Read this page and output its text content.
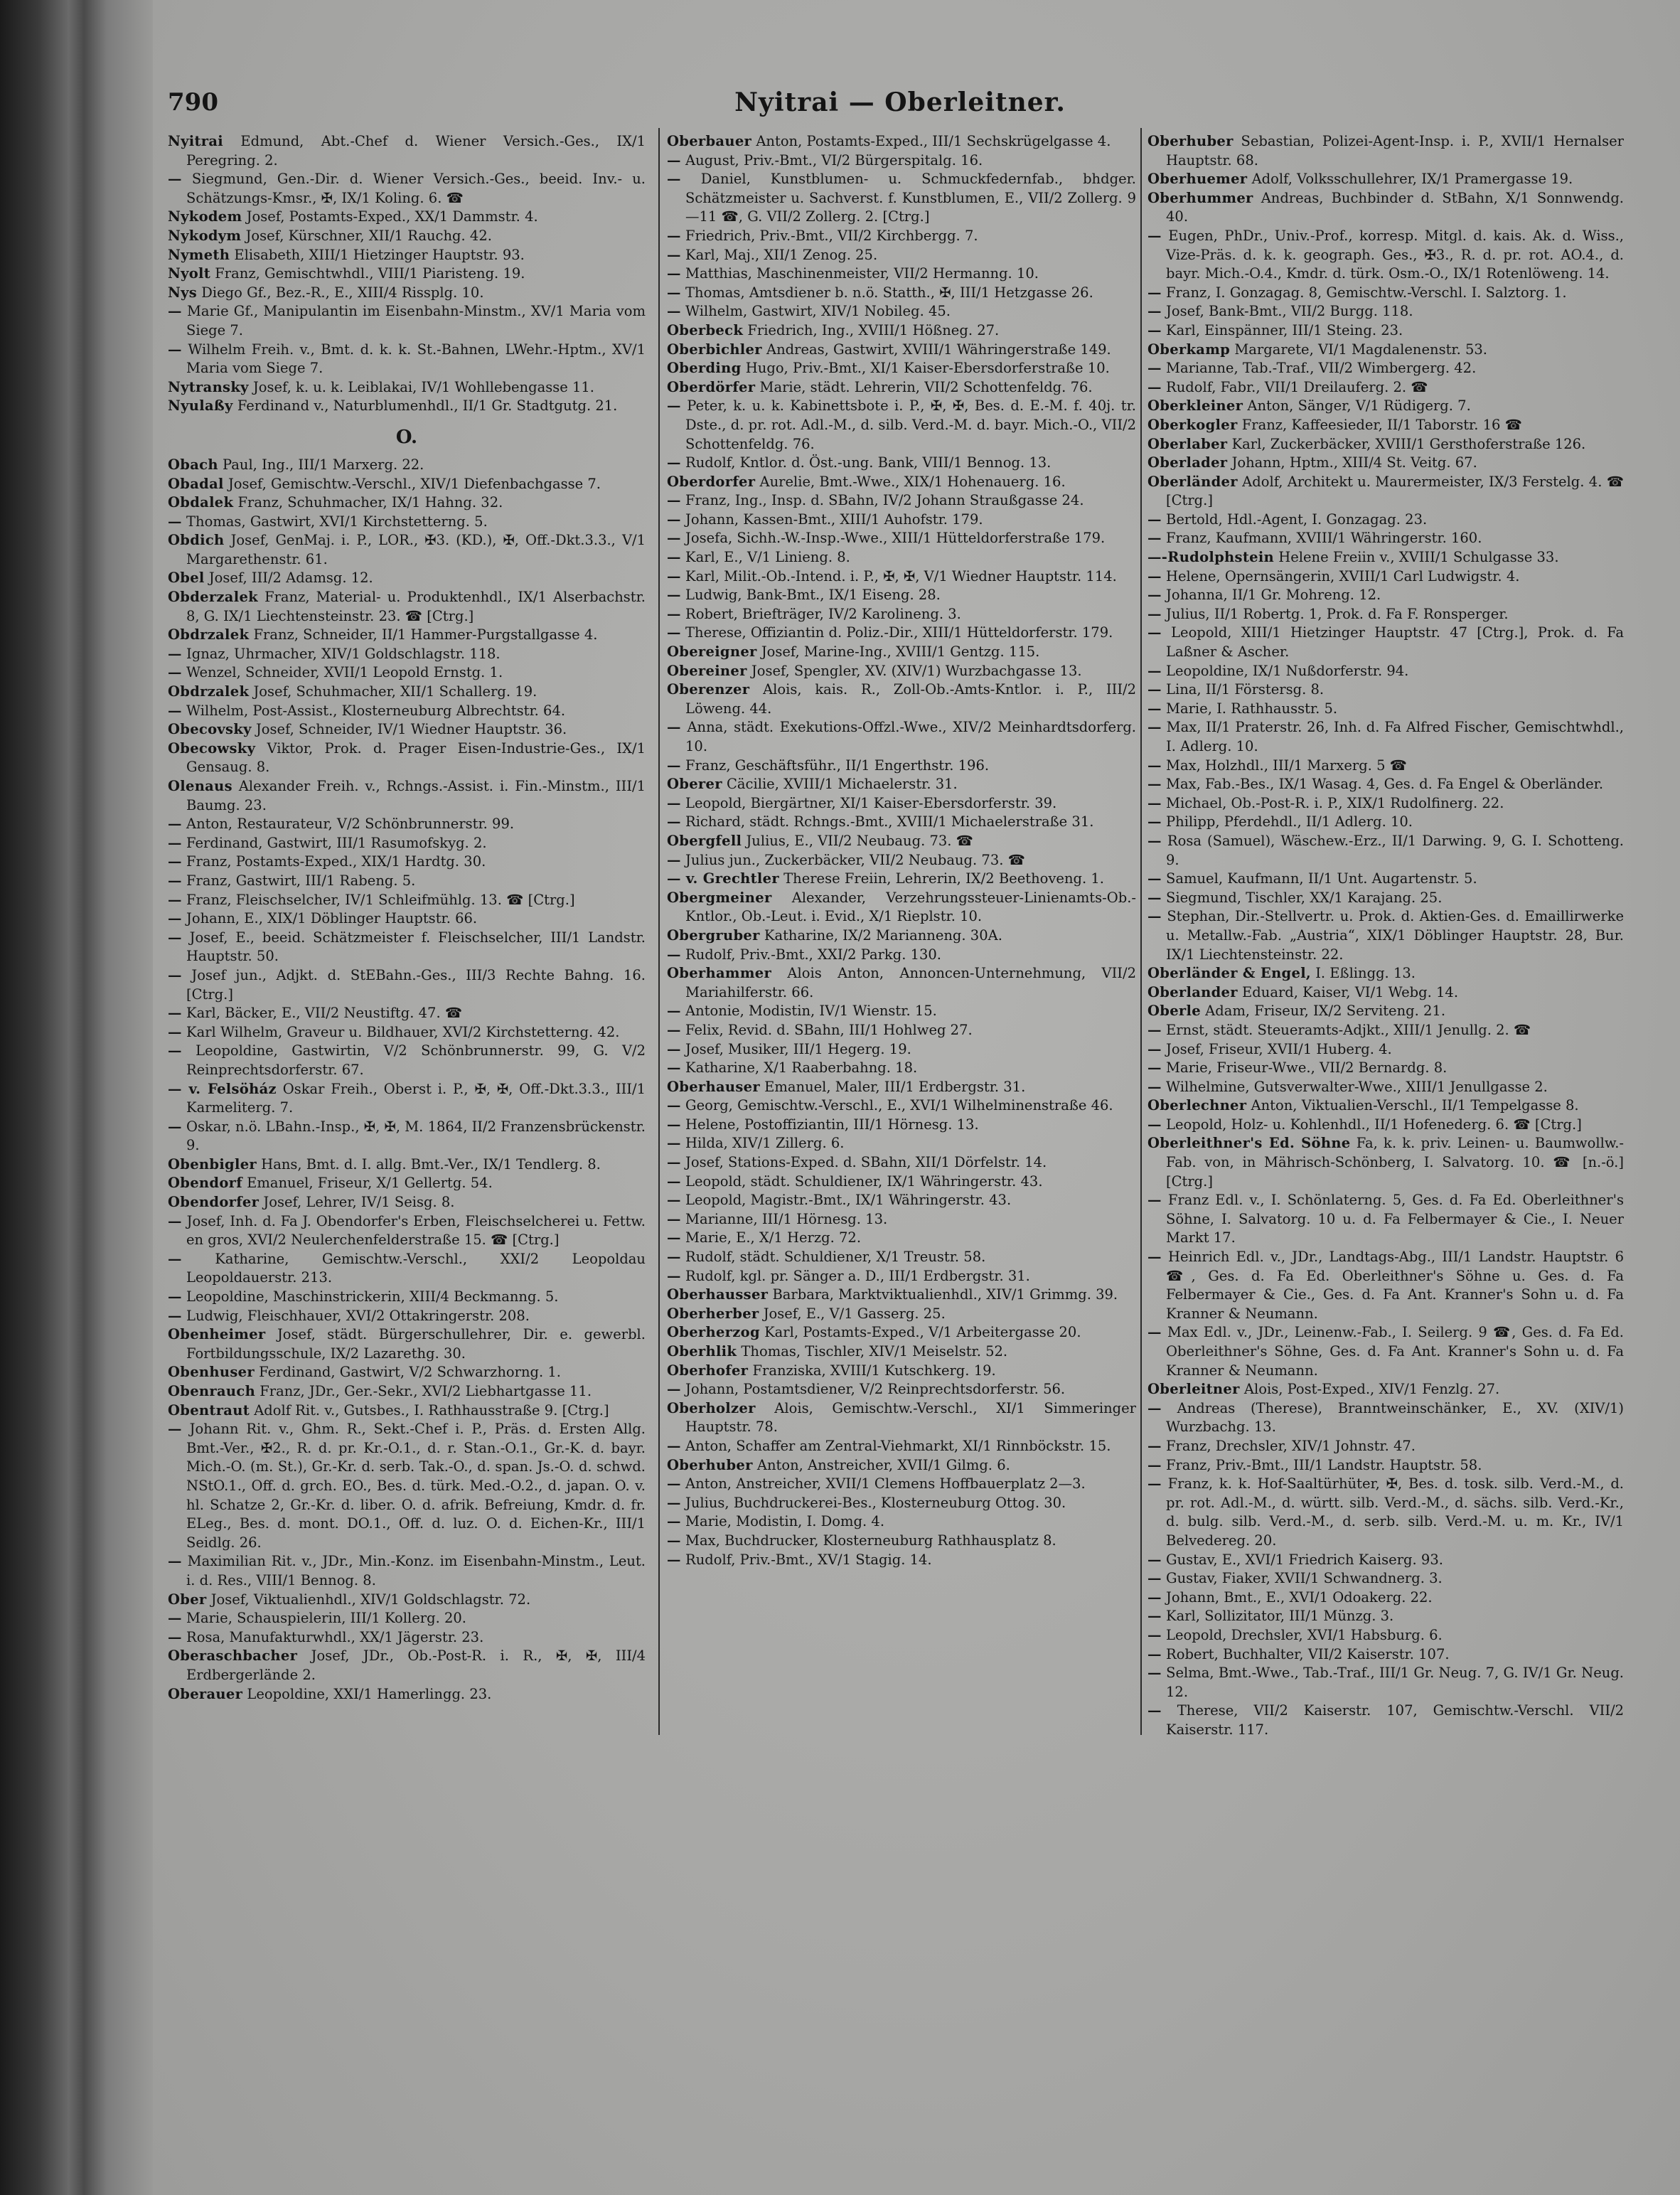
790	Nyitrai — Oberleitner.

Nyitrai Edmund, Abt.-Chef d. Wiener Versich.-Ges., IX/1 Peregring. 2.

— Siegmund, Gen.-Dir. d. Wiener Versich.-Ges., beeid. Inv.- u. Schätzungs-Kmsr., ✠, IX/1 Koling. 6. ☎

Nykodem Josef, Postamts-Exped., XX/1 Dammstr. 4.

Nykodym Josef, Kürschner, XII/1 Rauchg. 42.

Nymeth Elisabeth, XIII/1 Hietzinger Hauptstr. 93.

Nyolt Franz, Gemischtwhdl., VIII/1 Piaristeng. 19.

Nys Diego Gf., Bez.-R., E., XIII/4 Rissplg. 10.

— Marie Gf., Manipulantin im Eisenbahn-Minstm., XV/1 Maria vom Siege 7.

— Wilhelm Freih. v., Bmt. d. k. k. St.-Bahnen, LWehr.-Hptm., XV/1 Maria vom Siege 7.

Nytransky Josef, k. u. k. Leiblakai, IV/1 Wohllebengasse 11.

Nyulaßy Ferdinand v., Naturblumenhdl., II/1 Gr. Stadtgutg. 21.

O.

Obach Paul, Ing., III/1 Marxerg. 22.

Obadal Josef, Gemischtw.-Verschl., XIV/1 Diefenbachgasse 7.

Obdalek Franz, Schuhmacher, IX/1 Hahng. 32.

— Thomas, Gastwirt, XVI/1 Kirchstetterng. 5.

Obdich Josef, GenMaj. i. P., LOR., ✠3. (KD.), ✠, Off.-Dkt.3.3., V/1 Margarethenstr. 61.

Obel Josef, III/2 Adamsg. 12.

Obderzalek Franz, Material- u. Produktenhdl., IX/1 Alserbachstr. 8, G. IX/1 Liechtensteinstr. 23. ☎ [Ctrg.]

Obdrzalek Franz, Schneider, II/1 Hammer-Purgstallgasse 4.

— Ignaz, Uhrmacher, XIV/1 Goldschlagstr. 118.

— Wenzel, Schneider, XVII/1 Leopold Ernstg. 1.

Obdrzalek Josef, Schuhmacher, XII/1 Schallerg. 19.

— Wilhelm, Post-Assist., Klosterneuburg Albrechtstr. 64.

Obecovsky Josef, Schneider, IV/1 Wiedner Hauptstr. 36.

Obecowsky Viktor, Prok. d. Prager Eisen-Industrie-Ges., IX/1 Gensaug. 8.

Olenaus Alexander Freih. v., Rchngs.-Assist. i. Fin.-Minstm., III/1 Baumg. 23.

— Anton, Restaurateur, V/2 Schönbrunnerstr. 99.

— Ferdinand, Gastwirt, III/1 Rasumofskyg. 2.

— Franz, Postamts-Exped., XIX/1 Hardtg. 30.

— Franz, Gastwirt, III/1 Rabeng. 5.

— Franz, Fleischselcher, IV/1 Schleifmühlg. 13. ☎ [Ctrg.]

— Johann, E., XIX/1 Döblinger Hauptstr. 66.

— Josef, E., beeid. Schätzmeister f. Fleischselcher, III/1 Landstr. Hauptstr. 50.

— Josef jun., Adjkt. d. StEBahn.-Ges., III/3 Rechte Bahng. 16. [Ctrg.]

— Karl, Bäcker, E., VII/2 Neustiftg. 47. ☎

— Karl Wilhelm, Graveur u. Bildhauer, XVI/2 Kirchstetterng. 42.

— Leopoldine, Gastwirtin, V/2 Schönbrunnerstr. 99, G. V/2 Reinprechtsdorferstr. 67.

— v. Felsöház Oskar Freih., Oberst i. P., ✠, ✠, Off.-Dkt.3.3., III/1 Karmeliterg. 7.

— Oskar, n.ö. LBahn.-Insp., ✠, ✠, M. 1864, II/2 Franzensbrückenstr. 9.

Obenbigler Hans, Bmt. d. I. allg. Bmt.-Ver., IX/1 Tendlerg. 8.

Obendorf Emanuel, Friseur, X/1 Gellertg. 54.

Obendorfer Josef, Lehrer, IV/1 Seisg. 8.

— Josef, Inh. d. Fa J. Obendorfer's Erben, Fleischselcherei u. Fettw. en gros, XVI/2 Neulerchenfelderstraße 15. ☎ [Ctrg.]

— Katharine, Gemischtw.-Verschl., XXI/2 Leopoldau Leopoldauerstr. 213.

— Leopoldine, Maschinstrickerin, XIII/4 Beckmanng. 5.

— Ludwig, Fleischhauer, XVI/2 Ottakringerstr. 208.

Obenheimer Josef, städt. Bürgerschullehrer, Dir. e. gewerbl. Fortbildungsschule, IX/2 Lazarethg. 30.

Obenhuser Ferdinand, Gastwirt, V/2 Schwarzhorng. 1.

Obenrauch Franz, JDr., Ger.-Sekr., XVI/2 Liebhartgasse 11.

Obentraut Adolf Rit. v., Gutsbes., I. Rathhausstraße 9. [Ctrg.]

— Johann Rit. v., Ghm. R., Sekt.-Chef i. P., Präs. d. Ersten Allg. Bmt.-Ver., ✠2., R. d. pr. Kr.-O.1., d. r. Stan.-O.1., Gr.-K. d. bayr. Mich.-O. (m. St.), Gr.-Kr. d. serb. Tak.-O., d. span. Js.-O. d. schwd. NStO.1., Off. d. grch. EO., Bes. d. türk. Med.-O.2., d. japan. O. v. hl. Schatze 2, Gr.-Kr. d. liber. O. d. afrik. Befreiung, Kmdr. d. fr. ELeg., Bes. d. mont. DO.1., Off. d. luz. O. d. Eichen-Kr., III/1 Seidlg. 26.

— Maximilian Rit. v., JDr., Min.-Konz. im Eisenbahn-Minstm., Leut. i. d. Res., VIII/1 Bennog. 8.

Ober Josef, Viktualienhdl., XIV/1 Goldschlagstr. 72.

— Marie, Schauspielerin, III/1 Kollerg. 20.

— Rosa, Manufakturwhdl., XX/1 Jägerstr. 23.

Oberaschbacher Josef, JDr., Ob.-Post-R. i. R., ✠, ✠, III/4 Erdbergerlände 2.

Oberauer Leopoldine, XXI/1 Hamerlingg. 23.

Oberbauer Anton, Postamts-Exped., III/1 Sechskrügelgasse 4.

— August, Priv.-Bmt., VI/2 Bürgerspitalg. 16.

— Daniel, Kunstblumen- u. Schmuckfedernfab., bhdger. Schätzmeister u. Sachverst. f. Kunstblumen, E., VII/2 Zollerg. 9—11 ☎, G. VII/2 Zollerg. 2. [Ctrg.]

— Friedrich, Priv.-Bmt., VII/2 Kirchbergg. 7.

— Karl, Maj., XII/1 Zenog. 25.

— Matthias, Maschinenmeister, VII/2 Hermanng. 10.

— Thomas, Amtsdiener b. n.ö. Statth., ✠, III/1 Hetzgasse 26.

— Wilhelm, Gastwirt, XIV/1 Nobileg. 45.

Oberbeck Friedrich, Ing., XVIII/1 Hößneg. 27.

Oberbichler Andreas, Gastwirt, XVIII/1 Währingerstraße 149.

Oberding Hugo, Priv.-Bmt., XI/1 Kaiser-Ebersdorferstraße 10.

Oberdörfer Marie, städt. Lehrerin, VII/2 Schottenfeldg. 76.

— Peter, k. u. k. Kabinettsbote i. P., ✠, ✠, Bes. d. E.-M. f. 40j. tr. Dste., d. pr. rot. Adl.-M., d. silb. Verd.-M. d. bayr. Mich.-O., VII/2 Schottenfeldg. 76.

— Rudolf, Kntlor. d. Öst.-ung. Bank, VIII/1 Bennog. 13.

Oberdorfer Aurelie, Bmt.-Wwe., XIX/1 Hohenauerg. 16.

— Franz, Ing., Insp. d. SBahn, IV/2 Johann Straußgasse 24.

— Johann, Kassen-Bmt., XIII/1 Auhofstr. 179.

— Josefa, Sichh.-W.-Insp.-Wwe., XIII/1 Hütteldorferstraße 179.

— Karl, E., V/1 Linieng. 8.

— Karl, Milit.-Ob.-Intend. i. P., ✠, ✠, V/1 Wiedner Hauptstr. 114.

— Ludwig, Bank-Bmt., IX/1 Eiseng. 28.

— Robert, Briefträger, IV/2 Karolineng. 3.

— Therese, Offiziantin d. Poliz.-Dir., XIII/1 Hütteldorferstr. 179.

Obereigner Josef, Marine-Ing., XVIII/1 Gentzg. 115.

Obereiner Josef, Spengler, XV. (XIV/1) Wurzbachgasse 13.

Oberenzer Alois, kais. R., Zoll-Ob.-Amts-Kntlor. i. P., III/2 Löweng. 44.

— Anna, städt. Exekutions-Offzl.-Wwe., XIV/2 Meinhardtsdorferg. 10.

— Franz, Geschäftsführ., II/1 Engerthstr. 196.

Oberer Cäcilie, XVIII/1 Michaelerstr. 31.

— Leopold, Biergärtner, XI/1 Kaiser-Ebersdorferstr. 39.

— Richard, städt. Rchngs.-Bmt., XVIII/1 Michaelerstraße 31.

Obergfell Julius, E., VII/2 Neubaug. 73. ☎

— Julius jun., Zuckerbäcker, VII/2 Neubaug. 73. ☎

— v. Grechtler Therese Freiin, Lehrerin, IX/2 Beethoveng. 1.

Obergmeiner Alexander, Verzehrungssteuer-Linienamts-Ob.-Kntlor., Ob.-Leut. i. Evid., X/1 Rieplstr. 10.

Obergruber Katharine, IX/2 Marianneng. 30A.

— Rudolf, Priv.-Bmt., XXI/2 Parkg. 130.

Oberhammer Alois Anton, Annoncen-Unternehmung, VII/2 Mariahilferstr. 66.

— Antonie, Modistin, IV/1 Wienstr. 15.

— Felix, Revid. d. SBahn, III/1 Hohlweg 27.

— Josef, Musiker, III/1 Hegerg. 19.

— Katharine, X/1 Raaberbahng. 18.

Oberhauser Emanuel, Maler, III/1 Erdbergstr. 31.

— Georg, Gemischtw.-Verschl., E., XVI/1 Wilhelminenstraße 46.

— Helene, Postoffiziantin, III/1 Hörnesg. 13.

— Hilda, XIV/1 Zillerg. 6.

— Josef, Stations-Exped. d. SBahn, XII/1 Dörfelstr. 14.

— Leopold, städt. Schuldiener, IX/1 Währingerstr. 43.

— Leopold, Magistr.-Bmt., IX/1 Währingerstr. 43.

— Marianne, III/1 Hörnesg. 13.

— Marie, E., X/1 Herzg. 72.

— Rudolf, städt. Schuldiener, X/1 Treustr. 58.

— Rudolf, kgl. pr. Sänger a. D., III/1 Erdbergstr. 31.

Oberhausser Barbara, Marktviktualienhdl., XIV/1 Grimmg. 39.

Oberherber Josef, E., V/1 Gasserg. 25.

Oberherzog Karl, Postamts-Exped., V/1 Arbeitergasse 20.

Oberhlik Thomas, Tischler, XIV/1 Meiselstr. 52.

Oberhofer Franziska, XVIII/1 Kutschkerg. 19.

— Johann, Postamtsdiener, V/2 Reinprechtsdorferstr. 56.

Oberholzer Alois, Gemischtw.-Verschl., XI/1 Simmeringer Hauptstr. 78.

— Anton, Schaffer am Zentral-Viehmarkt, XI/1 Rinnböckstr. 15.

Oberhuber Anton, Anstreicher, XVII/1 Gilmg. 6.

— Anton, Anstreicher, XVII/1 Clemens Hoffbauerplatz 2—3.

— Julius, Buchdruckerei-Bes., Klosterneuburg Ottog. 30.

— Marie, Modistin, I. Domg. 4.

— Max, Buchdrucker, Klosterneuburg Rathhausplatz 8.

— Rudolf, Priv.-Bmt., XV/1 Stagig. 14.

Oberhuber Sebastian, Polizei-Agent-Insp. i. P., XVII/1 Hernalser Hauptstr. 68.

Oberhuemer Adolf, Volksschullehrer, IX/1 Pramergasse 19.

Oberhummer Andreas, Buchbinder d. StBahn, X/1 Sonnwendg. 40.

— Eugen, PhDr., Univ.-Prof., korresp. Mitgl. d. kais. Ak. d. Wiss., Vize-Präs. d. k. k. geograph. Ges., ✠3., R. d. pr. rot. AO.4., d. bayr. Mich.-O.4., Kmdr. d. türk. Osm.-O., IX/1 Rotenlöweng. 14.

— Franz, I. Gonzagag. 8, Gemischtw.-Verschl. I. Salztorg. 1.

— Josef, Bank-Bmt., VII/2 Burgg. 118.

— Karl, Einspänner, III/1 Steing. 23.

Oberkamp Margarete, VI/1 Magdalenenstr. 53.

— Marianne, Tab.-Traf., VII/2 Wimbergerg. 42.

— Rudolf, Fabr., VII/1 Dreilauferg. 2. ☎

Oberkleiner Anton, Sänger, V/1 Rüdigerg. 7.

Oberkogler Franz, Kaffeesieder, II/1 Taborstr. 16 ☎

Oberlaber Karl, Zuckerbäcker, XVIII/1 Gersthoferstraße 126.

Oberlader Johann, Hptm., XIII/4 St. Veitg. 67.

Oberländer Adolf, Architekt u. Maurermeister, IX/3 Ferstelg. 4. ☎ [Ctrg.]

— Bertold, Hdl.-Agent, I. Gonzagag. 23.

— Franz, Kaufmann, XVIII/1 Währingerstr. 160.

—-Rudolphstein Helene Freiin v., XVIII/1 Schulgasse 33.

— Helene, Opernsängerin, XVIII/1 Carl Ludwigstr. 4.

— Johanna, II/1 Gr. Mohreng. 12.

— Julius, II/1 Robertg. 1, Prok. d. Fa F. Ronsperger.

— Leopold, XIII/1 Hietzinger Hauptstr. 47 [Ctrg.], Prok. d. Fa Laßner & Ascher.

— Leopoldine, IX/1 Nußdorferstr. 94.

— Lina, II/1 Förstersg. 8.

— Marie, I. Rathhausstr. 5.

— Max, II/1 Praterstr. 26, Inh. d. Fa Alfred Fischer, Gemischtwhdl., I. Adlerg. 10.

— Max, Holzhdl., III/1 Marxerg. 5 ☎

— Max, Fab.-Bes., IX/1 Wasag. 4, Ges. d. Fa Engel & Oberländer.

— Michael, Ob.-Post-R. i. P., XIX/1 Rudolfinerg. 22.

— Philipp, Pferdehdl., II/1 Adlerg. 10.

— Rosa (Samuel), Wäschew.-Erz., II/1 Darwing. 9, G. I. Schotteng. 9.

— Samuel, Kaufmann, II/1 Unt. Augartenstr. 5.

— Siegmund, Tischler, XX/1 Karajang. 25.

— Stephan, Dir.-Stellvertr. u. Prok. d. Aktien-Ges. d. Emaillirwerke u. Metallw.-Fab. „Austria“, XIX/1 Döblinger Hauptstr. 28, Bur. IX/1 Liechtensteinstr. 22.

Oberländer & Engel, I. Eßlingg. 13.

Oberlander Eduard, Kaiser, VI/1 Webg. 14.

Oberle Adam, Friseur, IX/2 Serviteng. 21.

— Ernst, städt. Steueramts-Adjkt., XIII/1 Jenullg. 2. ☎

— Josef, Friseur, XVII/1 Huberg. 4.

— Marie, Friseur-Wwe., VII/2 Bernardg. 8.

— Wilhelmine, Gutsverwalter-Wwe., XIII/1 Jenullgasse 2.

Oberlechner Anton, Viktualien-Verschl., II/1 Tempelgasse 8.

— Leopold, Holz- u. Kohlenhdl., II/1 Hofenederg. 6. ☎ [Ctrg.]

Oberleithner's Ed. Söhne Fa, k. k. priv. Leinen- u. Baumwollw.-Fab. von, in Mährisch-Schönberg, I. Salvatorg. 10. ☎ [n.-ö.] [Ctrg.]

— Franz Edl. v., I. Schönlaterng. 5, Ges. d. Fa Ed. Oberleithner's Söhne, I. Salvatorg. 10 u. d. Fa Felbermayer & Cie., I. Neuer Markt 17.

— Heinrich Edl. v., JDr., Landtags-Abg., III/1 Landstr. Hauptstr. 6 ☎, Ges. d. Fa Ed. Oberleithner's Söhne u. Ges. d. Fa Felbermayer & Cie., Ges. d. Fa Ant. Kranner's Sohn u. d. Fa Kranner & Neumann.

— Max Edl. v., JDr., Leinenw.-Fab., I. Seilerg. 9 ☎, Ges. d. Fa Ed. Oberleithner's Söhne, Ges. d. Fa Ant. Kranner's Sohn u. d. Fa Kranner & Neumann.

Oberleitner Alois, Post-Exped., XIV/1 Fenzlg. 27.

— Andreas (Therese), Branntweinschänker, E., XV. (XIV/1) Wurzbachg. 13.

— Franz, Drechsler, XIV/1 Johnstr. 47.

— Franz, Priv.-Bmt., III/1 Landstr. Hauptstr. 58.

— Franz, k. k. Hof-Saaltürhüter, ✠, Bes. d. tosk. silb. Verd.-M., d. pr. rot. Adl.-M., d. württ. silb. Verd.-M., d. sächs. silb. Verd.-Kr., d. bulg. silb. Verd.-M., d. serb. silb. Verd.-M. u. m. Kr., IV/1 Belvedereg. 20.

— Gustav, E., XVI/1 Friedrich Kaiserg. 93.

— Gustav, Fiaker, XVII/1 Schwandnerg. 3.

— Johann, Bmt., E., XVI/1 Odoakerg. 22.

— Karl, Sollizitator, III/1 Münzg. 3.

— Leopold, Drechsler, XVI/1 Habsburg. 6.

— Robert, Buchhalter, VII/2 Kaiserstr. 107.

— Selma, Bmt.-Wwe., Tab.-Traf., III/1 Gr. Neug. 7, G. IV/1 Gr. Neug. 12.

— Therese, VII/2 Kaiserstr. 107, Gemischtw.-Verschl. VII/2 Kaiserstr. 117.
